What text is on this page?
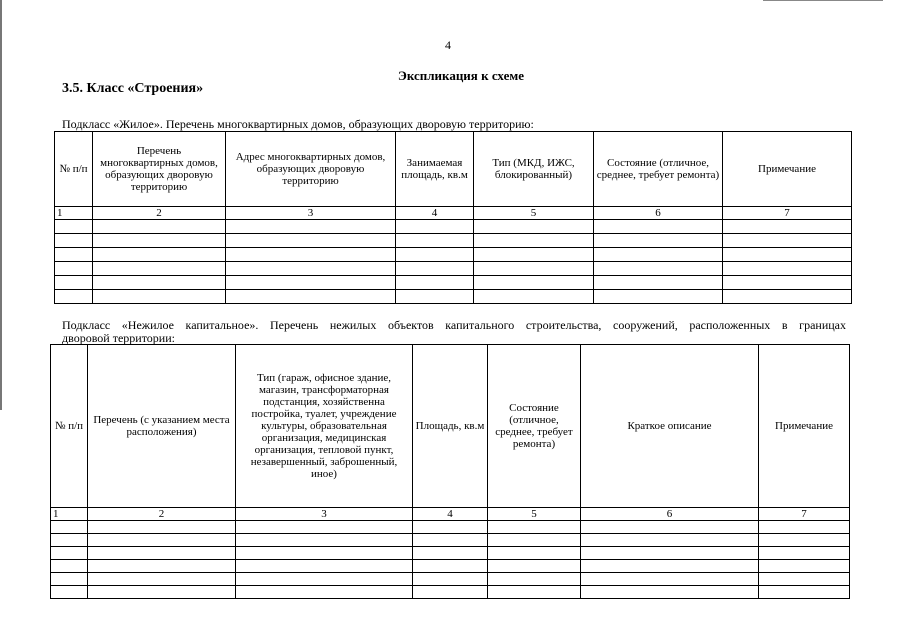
4
Экспликация к схеме
3.5. Класс «Строения»
Подкласс «Жилое». Перечень многоквартирных домов, образующих дворовую территорию:
№ п/п	Перечень многоквартирных домов, образующих дворовую территорию	Адрес многоквартирных домов, образующих дворовую территорию	Занимаемая площадь, кв.м	Тип (МКД, ИЖС, блокированный)	Состояние (отличное, среднее, требует ремонта)	Примечание
1	2	3	4	5	6	7

Подкласс «Нежилое капитальное». Перечень нежилых объектов капитального строительства, сооружений, расположенных в границах
дворовой территории:
№ п/п	Перечень (с указанием места расположения)	Тип (гараж, офисное здание, магазин, трансформаторная подстанция, хозяйственна постройка, туалет, учреждение культуры, образовательная организация, медицинская организация, тепловой пункт, незавершенный, заброшенный, иное)	Площадь, кв.м	Состояние (отличное, среднее, требует ремонта)	Краткое описание	Примечание
1	2	3	4	5	6	7
